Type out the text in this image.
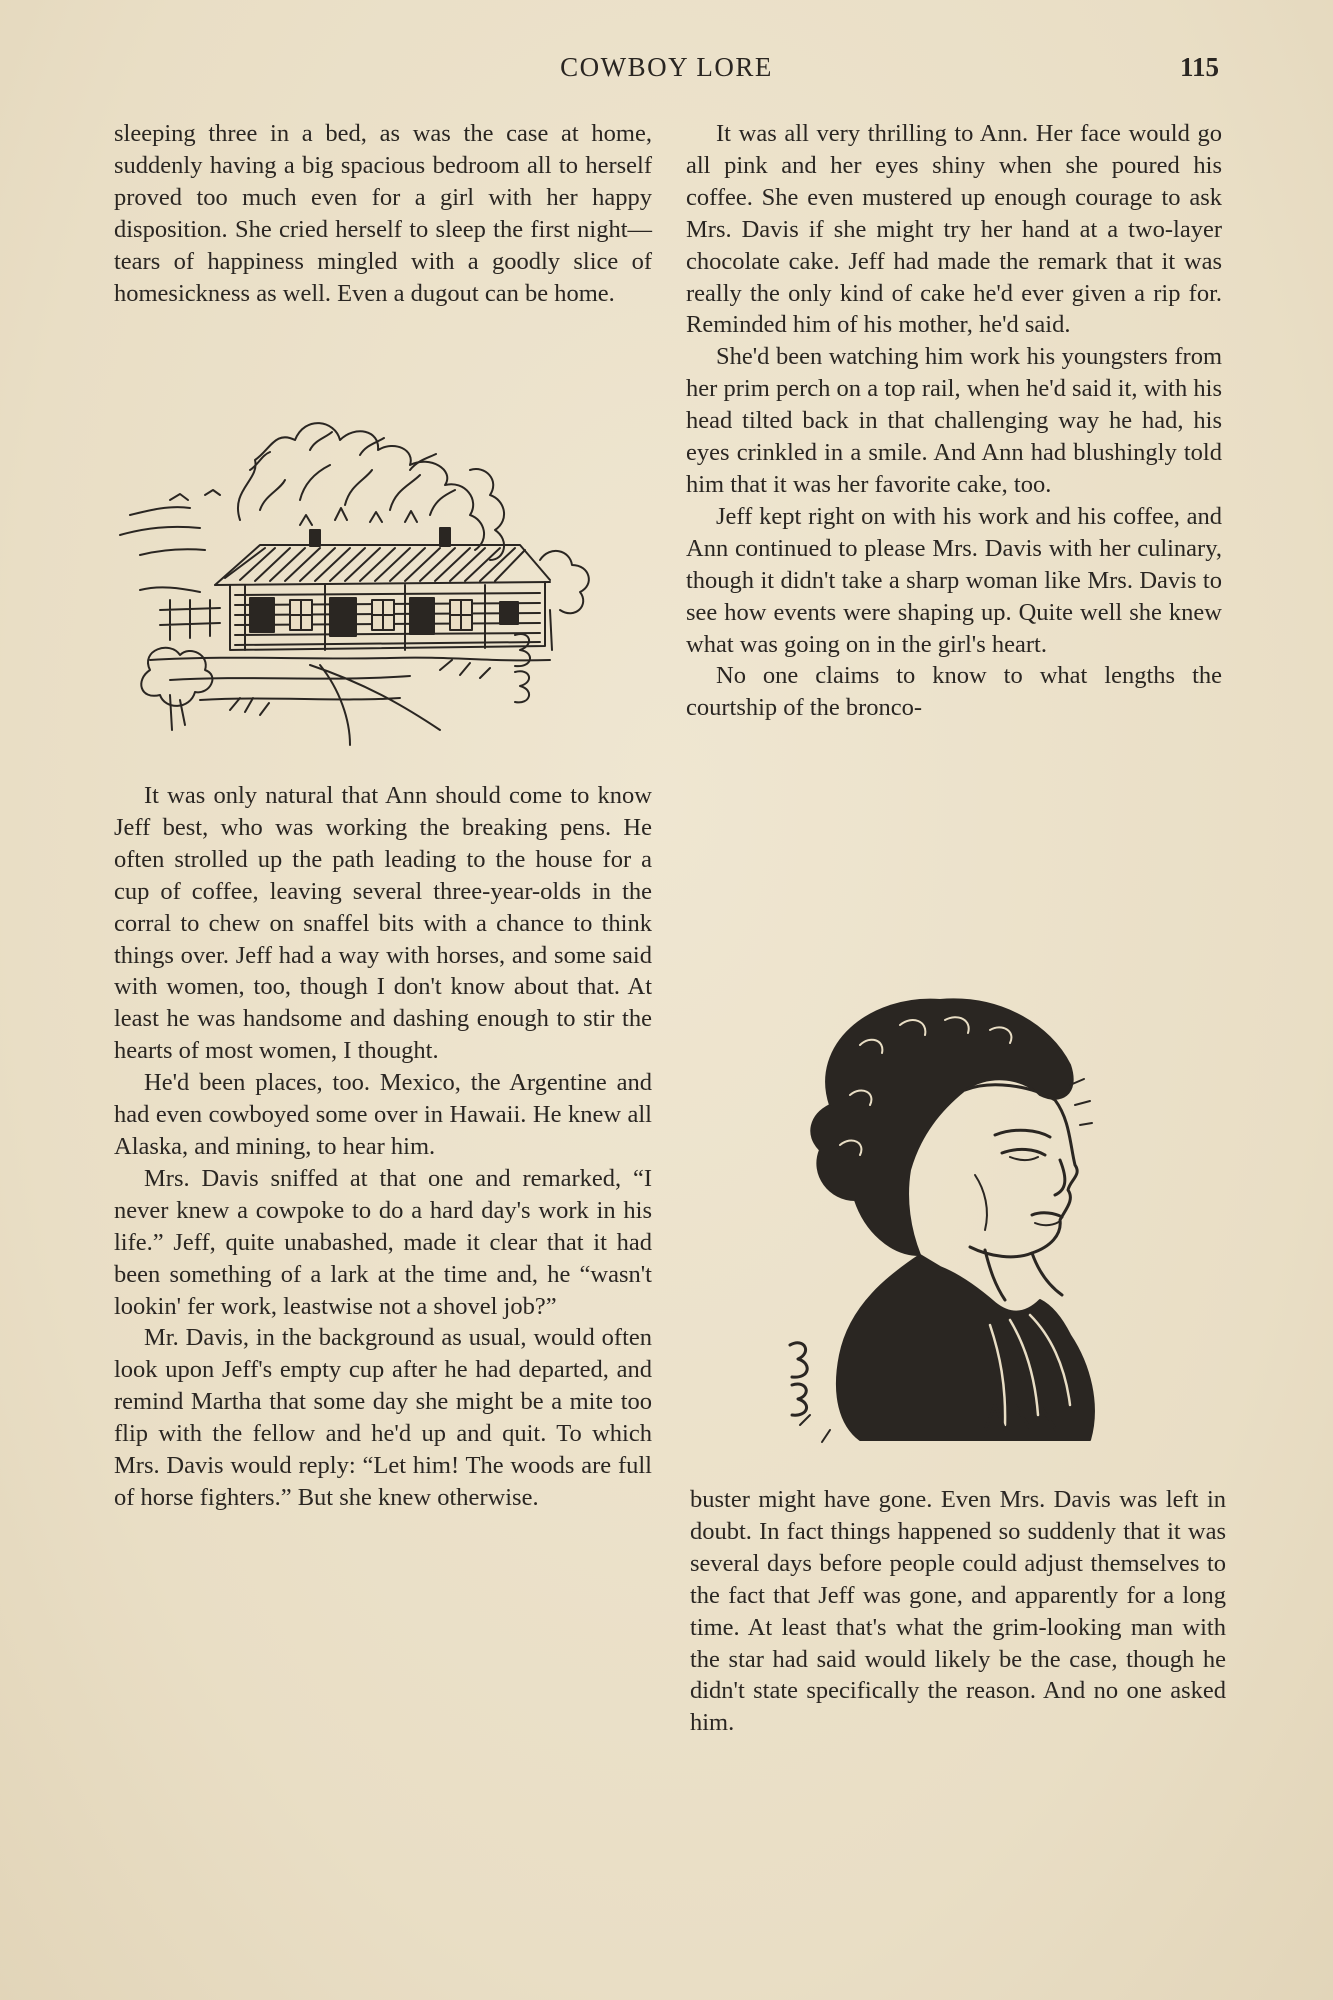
COWBOY LORE	115

sleeping three in a bed, as was the case at home, suddenly having a big spacious bedroom all to herself proved too much even for a girl with her happy disposition. She cried herself to sleep the first night—tears of happiness mingled with a goodly slice of homesickness as well. Even a dugout can be home.

It was only natural that Ann should come to know Jeff best, who was working the breaking pens. He often strolled up the path leading to the house for a cup of coffee, leaving several three-year-olds in the corral to chew on snaffel bits with a chance to think things over. Jeff had a way with horses, and some said with women, too, though I don't know about that. At least he was handsome and dashing enough to stir the hearts of most women, I thought.

He'd been places, too. Mexico, the Argentine and had even cowboyed some over in Hawaii. He knew all Alaska, and mining, to hear him.

Mrs. Davis sniffed at that one and remarked, “I never knew a cowpoke to do a hard day's work in his life.” Jeff, quite unabashed, made it clear that it had been something of a lark at the time and, he “wasn't lookin' fer work, leastwise not a shovel job?”

Mr. Davis, in the background as usual, would often look upon Jeff's empty cup after he had departed, and remind Martha that some day she might be a mite too flip with the fellow and he'd up and quit. To which Mrs. Davis would reply: “Let him! The woods are full of horse fighters.” But she knew otherwise.

It was all very thrilling to Ann. Her face would go all pink and her eyes shiny when she poured his coffee. She even mustered up enough courage to ask Mrs. Davis if she might try her hand at a two-layer chocolate cake. Jeff had made the remark that it was really the only kind of cake he'd ever given a rip for. Reminded him of his mother, he'd said.

She'd been watching him work his youngsters from her prim perch on a top rail, when he'd said it, with his head tilted back in that challenging way he had, his eyes crinkled in a smile. And Ann had blushingly told him that it was her favorite cake, too.

Jeff kept right on with his work and his coffee, and Ann continued to please Mrs. Davis with her culinary, though it didn't take a sharp woman like Mrs. Davis to see how events were shaping up. Quite well she knew what was going on in the girl's heart.

No one claims to know to what lengths the courtship of the bronco-

buster might have gone. Even Mrs. Davis was left in doubt. In fact things happened so suddenly that it was several days before people could adjust themselves to the fact that Jeff was gone, and apparently for a long time. At least that's what the grim-looking man with the star had said would likely be the case, though he didn't state specifically the reason. And no one asked him.
